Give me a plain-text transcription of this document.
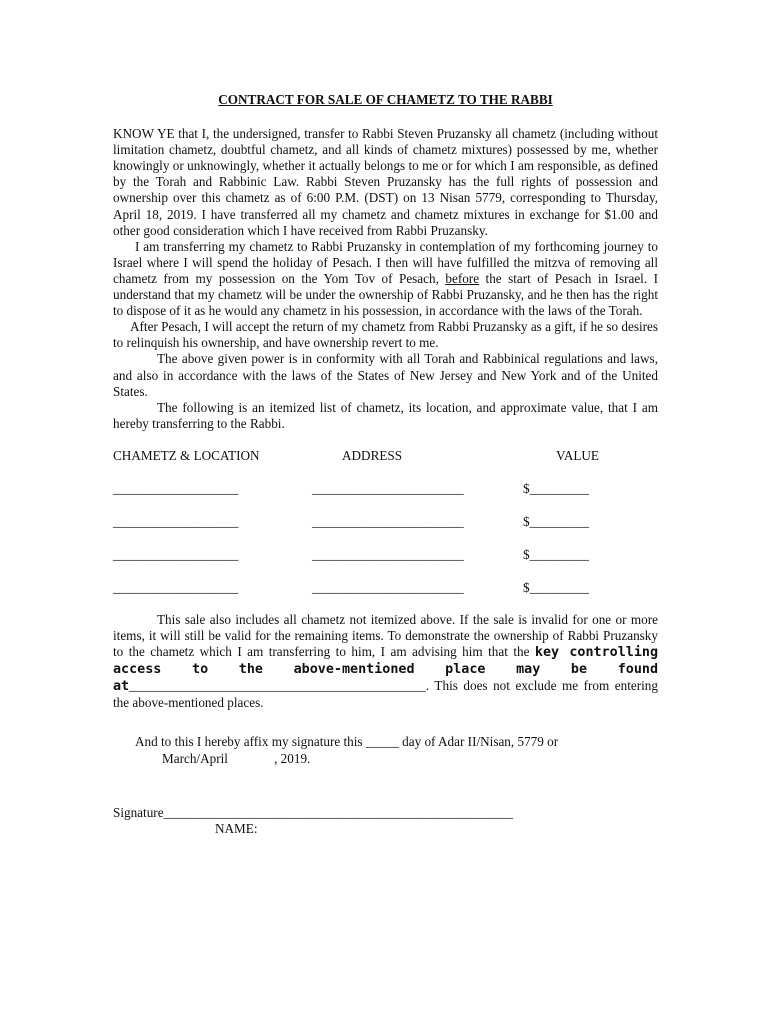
CONTRACT FOR SALE OF CHAMETZ TO THE RABBI

KNOW YE that I, the undersigned, transfer to Rabbi Steven Pruzansky all chametz (including without limitation chametz, doubtful chametz, and all kinds of chametz mixtures) possessed by me, whether knowingly or unknowingly, whether it actually belongs to me or for which I am responsible, as defined by the Torah and Rabbinic Law. Rabbi Steven Pruzansky has the full rights of possession and ownership over this chametz as of 6:00 P.M. (DST) on 13 Nisan 5779, corresponding to Thursday, April 18, 2019. I have transferred all my chametz and chametz mixtures in exchange for $1.00 and other good consideration which I have received from Rabbi Pruzansky.

I am transferring my chametz to Rabbi Pruzansky in contemplation of my forthcoming journey to Israel where I will spend the holiday of Pesach. I then will have fulfilled the mitzva of removing all chametz from my possession on the Yom Tov of Pesach, before the start of Pesach in Israel. I understand that my chametz will be under the ownership of Rabbi Pruzansky, and he then has the right to dispose of it as he would any chametz in his possession, in accordance with the laws of the Torah.

After Pesach, I will accept the return of my chametz from Rabbi Pruzansky as a gift, if he so desires to relinquish his ownership, and have ownership revert to me.

The above given power is in conformity with all Torah and Rabbinical regulations and laws, and also in accordance with the laws of the States of New Jersey and New York and of the United States.

The following is an itemized list of chametz, its location, and approximate value, that I am hereby transferring to the Rabbi.

CHAMETZ & LOCATION	ADDRESS	VALUE
___________________	_______________________	$_________
___________________	_______________________	$_________
___________________	_______________________	$_________
___________________	_______________________	$_________

This sale also includes all chametz not itemized above. If the sale is invalid for one or more items, it will still be valid for the remaining items. To demonstrate the ownership of Rabbi Pruzansky to the chametz which I am transferring to him, I am advising him that the key controlling access to the above-mentioned place may be found at_____________________________________________. This does not exclude me from entering the above-mentioned places.

And to this I hereby affix my signature this _____ day of Adar II/Nisan, 5779 or

March/April              , 2019.

Signature_____________________________________________________

NAME:
